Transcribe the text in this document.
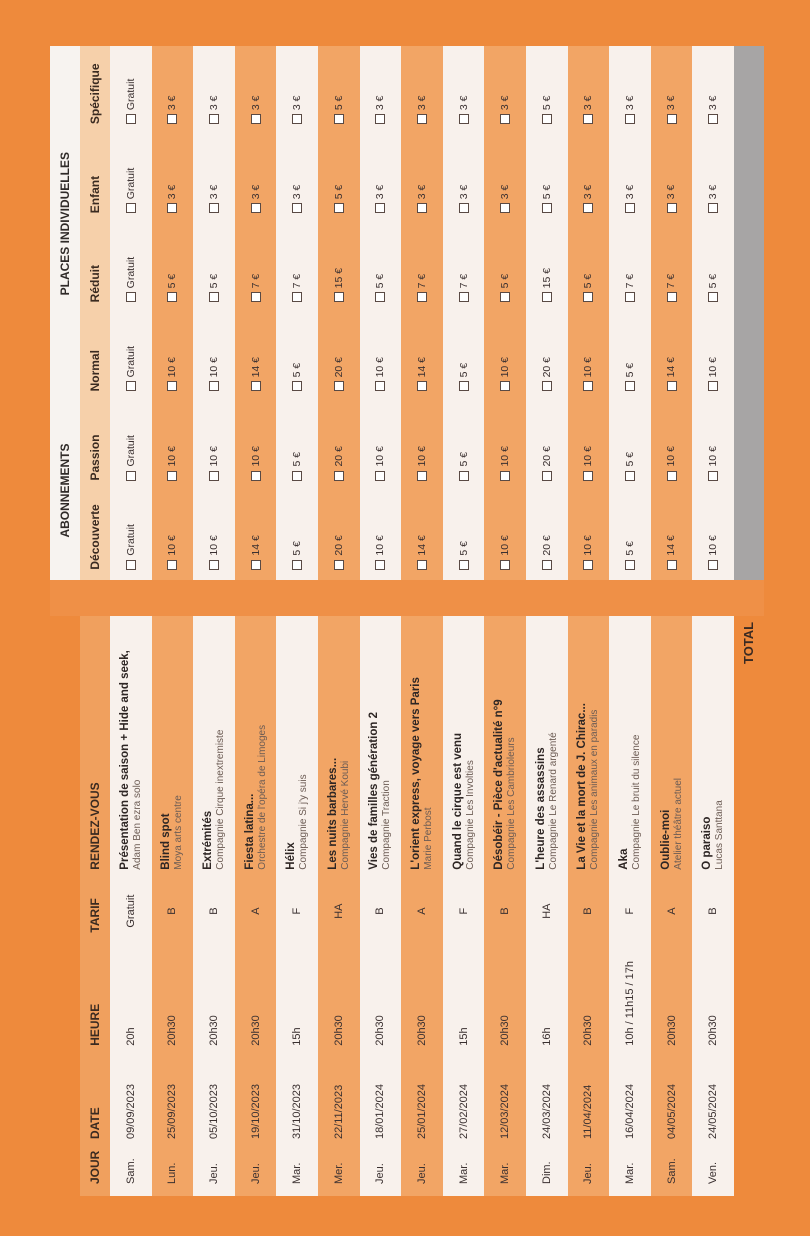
						ABONNEMENTS		PLACES INDIVIDUELLES			
JOUR	DATE	HEURE	TARIF	RENDEZ-VOUS		Découverte	Passion	Normal	Réduit	Enfant	Spécifique
Sam.	09/09/2023	20h	Gratuit	Présentation de saison + Hide and seek, Adam Ben ezra solo		Gratuit	Gratuit	Gratuit	Gratuit	Gratuit	Gratuit
Lun.	25/09/2023	20h30	B	Blind spot Moya arts centre		10 €	10 €	10 €	5 €	3 €	3 €
Jeu.	05/10/2023	20h30	B	Extrémités Compagnie Cirque inextremiste		10 €	10 €	10 €	5 €	3 €	3 €
Jeu.	19/10/2023	20h30	A	Fiesta latina... Orchestre de l'opéra de Limoges		14 €	10 €	14 €	7 €	3 €	3 €
Mar.	31/10/2023	15h	F	Hélix Compagnie Si j'y suis		5 €	5 €	5 €	7 €	3 €	3 €
Mer.	22/11/2023	20h30	HA	Les nuits barbares... Compagnie Hervé Koubi		20 €	20 €	20 €	15 €	5 €	5 €
Jeu.	18/01/2024	20h30	B	Vies de familles génération 2 Compagnie Traction		10 €	10 €	10 €	5 €	3 €	3 €
Jeu.	25/01/2024	20h30	A	L'orient express, voyage vers Paris Marie Perbost		14 €	10 €	14 €	7 €	3 €	3 €
Mar.	27/02/2024	15h	F	Quand le cirque est venu Compagnie Les Involties		5 €	5 €	5 €	7 €	3 €	3 €
Mar.	12/03/2024	20h30	B	Désobéir - Pièce d'actualité n°9 Compagnie Les Cambrioleurs		10 €	10 €	10 €	5 €	3 €	3 €
Dim.	24/03/2024	16h	HA	L'heure des assassins Compagnie Le Renard argenté		20 €	20 €	20 €	15 €	5 €	5 €
Jeu.	11/04/2024	20h30	B	La Vie et la mort de J. Chirac... Compagnie Les animaux en paradis		10 €	10 €	10 €	5 €	3 €	3 €
Mar.	16/04/2024	10h / 11h15 / 17h	F	Aka Compagnie Le bruit du silence		5 €	5 €	5 €	7 €	3 €	3 €
Sam.	04/05/2024	20h30	A	Oublie-moi Atelier théâtre actuel		14 €	10 €	14 €	7 €	3 €	3 €
Ven.	24/05/2024	20h30	B	O paraiso Lucas Santtana		10 €	10 €	10 €	5 €	3 €	3 €
TOTAL											
